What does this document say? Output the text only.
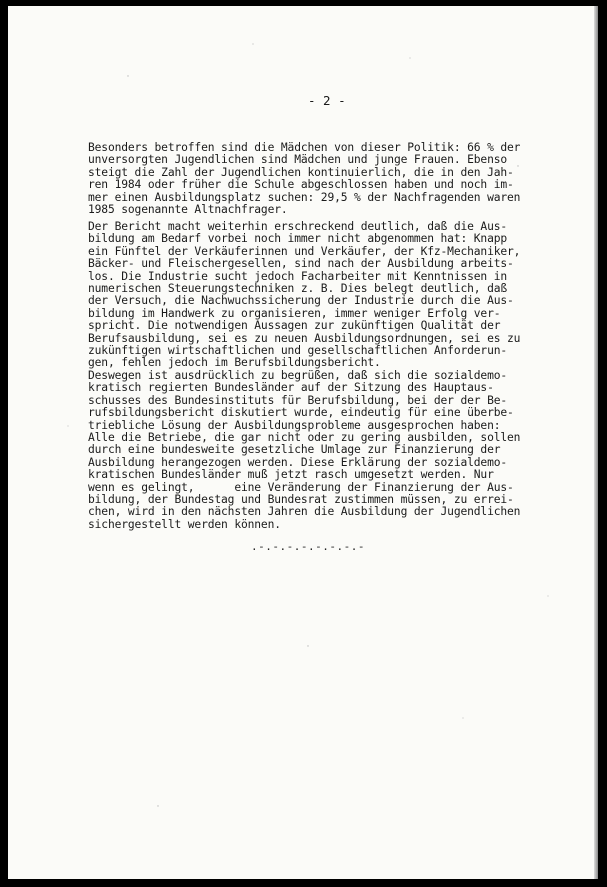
- 2 -
Besonders betroffen sind die Mädchen von dieser Politik: 66 % der
unversorgten Jugendlichen sind Mädchen und junge Frauen. Ebenso
steigt die Zahl der Jugendlichen kontinuierlich, die in den Jah-
ren 1984 oder früher die Schule abgeschlossen haben und noch im-
mer einen Ausbildungsplatz suchen: 29,5 % der Nachfragenden waren
1985 sogenannte Altnachfrager.
Der Bericht macht weiterhin erschreckend deutlich, daß die Aus-
bildung am Bedarf vorbei noch immer nicht abgenommen hat: Knapp
ein Fünftel der Verkäuferinnen und Verkäufer, der Kfz-Mechaniker,
Bäcker- und Fleischergesellen, sind nach der Ausbildung arbeits-
los. Die Industrie sucht jedoch Facharbeiter mit Kenntnissen in
numerischen Steuerungstechniken z. B. Dies belegt deutlich, daß
der Versuch, die Nachwuchssicherung der Industrie durch die Aus-
bildung im Handwerk zu organisieren, immer weniger Erfolg ver-
spricht. Die notwendigen Aussagen zur zukünftigen Qualität der
Berufsausbildung, sei es zu neuen Ausbildungsordnungen, sei es zu
zukünftigen wirtschaftlichen und gesellschaftlichen Anforderun-
gen, fehlen jedoch im Berufsbildungsbericht.
Deswegen ist ausdrücklich zu begrüßen, daß sich die sozialdemo-
kratisch regierten Bundesländer auf der Sitzung des Hauptaus-
schusses des Bundesinstituts für Berufsbildung, bei der der Be-
rufsbildungsbericht diskutiert wurde, eindeutig für eine überbe-
triebliche Lösung der Ausbildungsprobleme ausgesprochen haben:
Alle die Betriebe, die gar nicht oder zu gering ausbilden, sollen
durch eine bundesweite gesetzliche Umlage zur Finanzierung der
Ausbildung herangezogen werden. Diese Erklärung der sozialdemo-
kratischen Bundesländer muß jetzt rasch umgesetzt werden. Nur
wenn es gelingt,      eine Veränderung der Finanzierung der Aus-
bildung, der Bundestag und Bundesrat zustimmen müssen, zu errei-
chen, wird in den nächsten Jahren die Ausbildung der Jugendlichen
sichergestellt werden können.
.-.-.-.-.-.-.-.-
